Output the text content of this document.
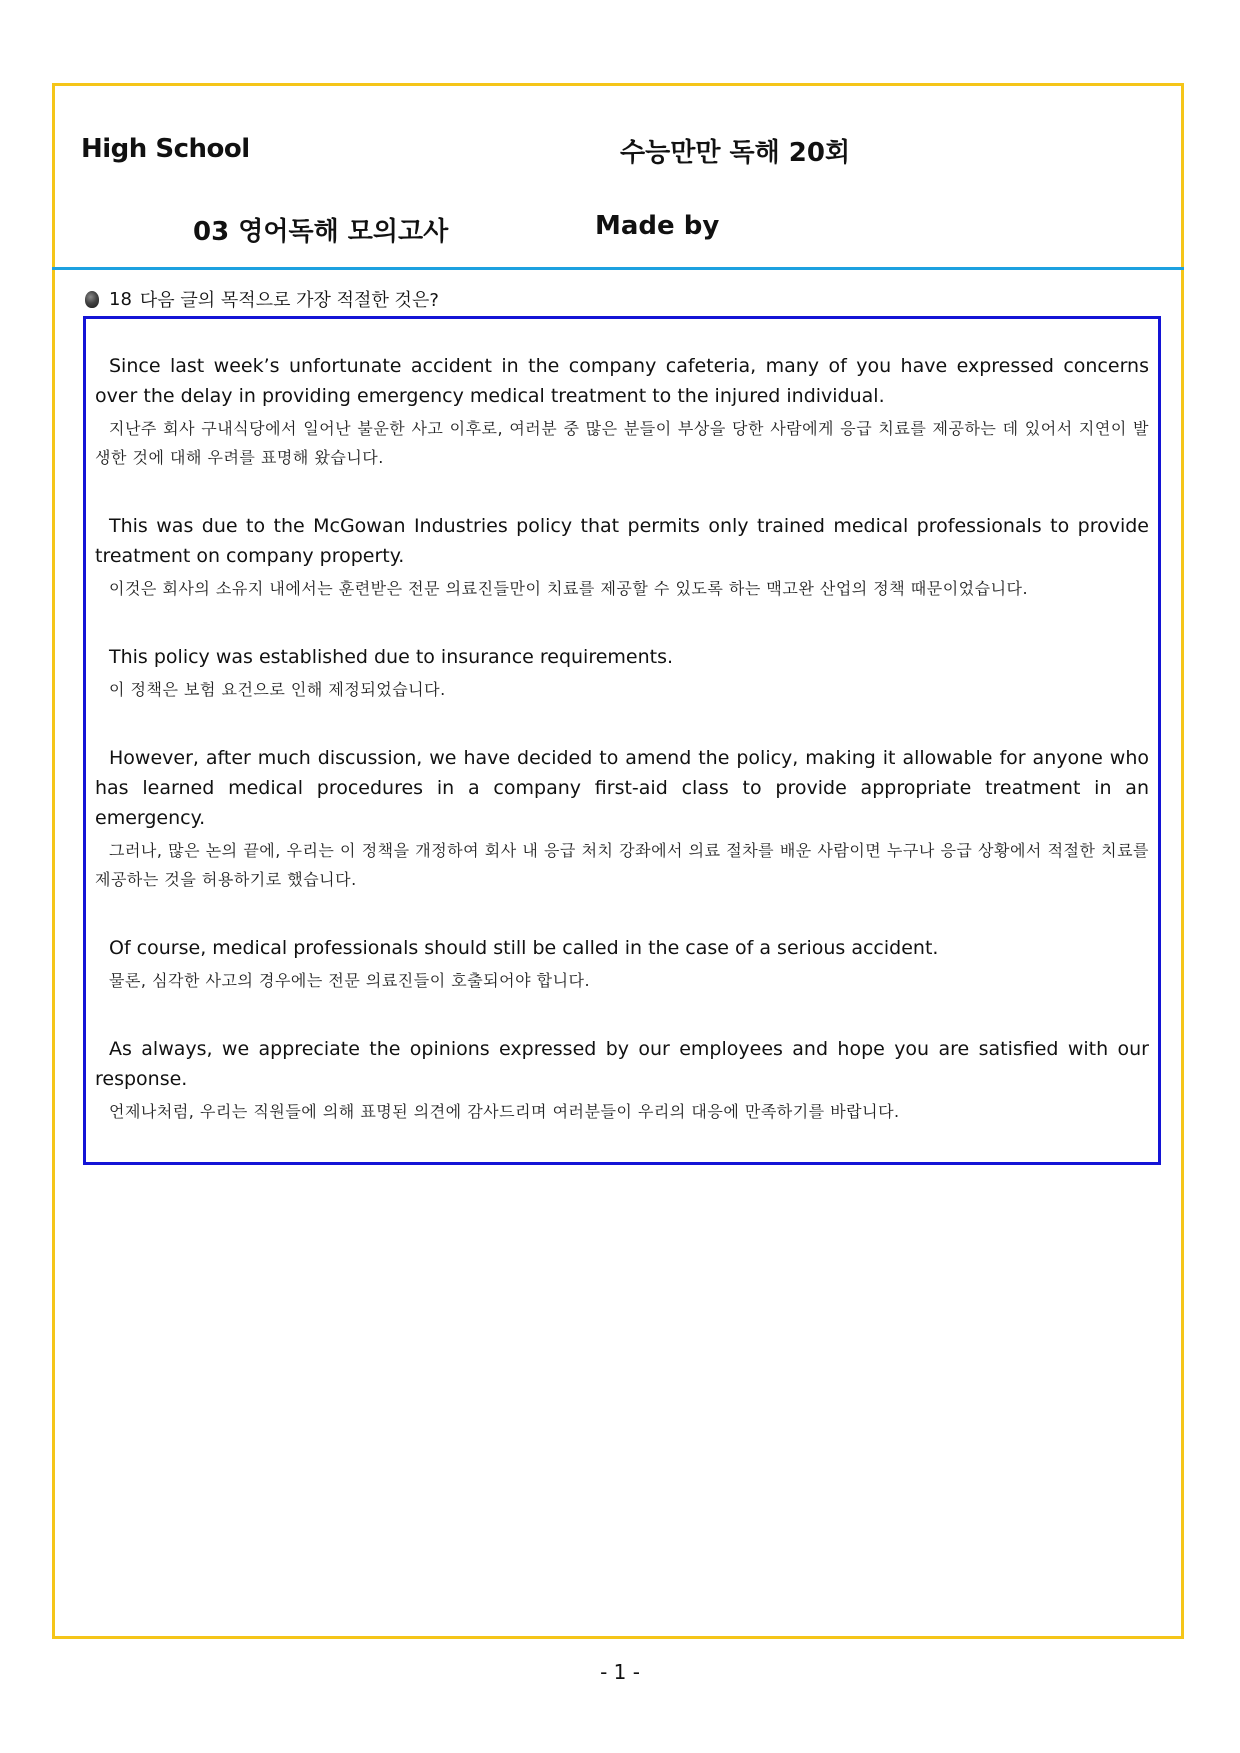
High School	수능만만 독해 20회
03 영어독해 모의고사	Made by
18 다음 글의 목적으로 가장 적절한 것은?

Since last week’s unfortunate accident in the company cafeteria, many of you have expressed concerns over the delay in providing emergency medical treatment to the injured individual.

지난주 회사 구내식당에서 일어난 불운한 사고 이후로, 여러분 중 많은 분들이 부상을 당한 사람에게 응급 치료를 제공하는 데 있어서 지연이 발생한 것에 대해 우려를 표명해 왔습니다.

This was due to the McGowan Industries policy that permits only trained medical professionals to provide treatment on company property.

이것은 회사의 소유지 내에서는 훈련받은 전문 의료진들만이 치료를 제공할 수 있도록 하는 맥고완 산업의 정책 때문이었습니다.

This policy was established due to insurance requirements.

이 정책은 보험 요건으로 인해 제정되었습니다.

However, after much discussion, we have decided to amend the policy, making it allowable for anyone who has learned medical procedures in a company first-aid class to provide appropriate treatment in an emergency.

그러나, 많은 논의 끝에, 우리는 이 정책을 개정하여 회사 내 응급 처치 강좌에서 의료 절차를 배운 사람이면 누구나 응급 상황에서 적절한 치료를 제공하는 것을 허용하기로 했습니다.

Of course, medical professionals should still be called in the case of a serious accident.

물론, 심각한 사고의 경우에는 전문 의료진들이 호출되어야 합니다.

As always, we appreciate the opinions expressed by our employees and hope you are satisfied with our response.

언제나처럼, 우리는 직원들에 의해 표명된 의견에 감사드리며 여러분들이 우리의 대응에 만족하기를 바랍니다.

- 1 -
